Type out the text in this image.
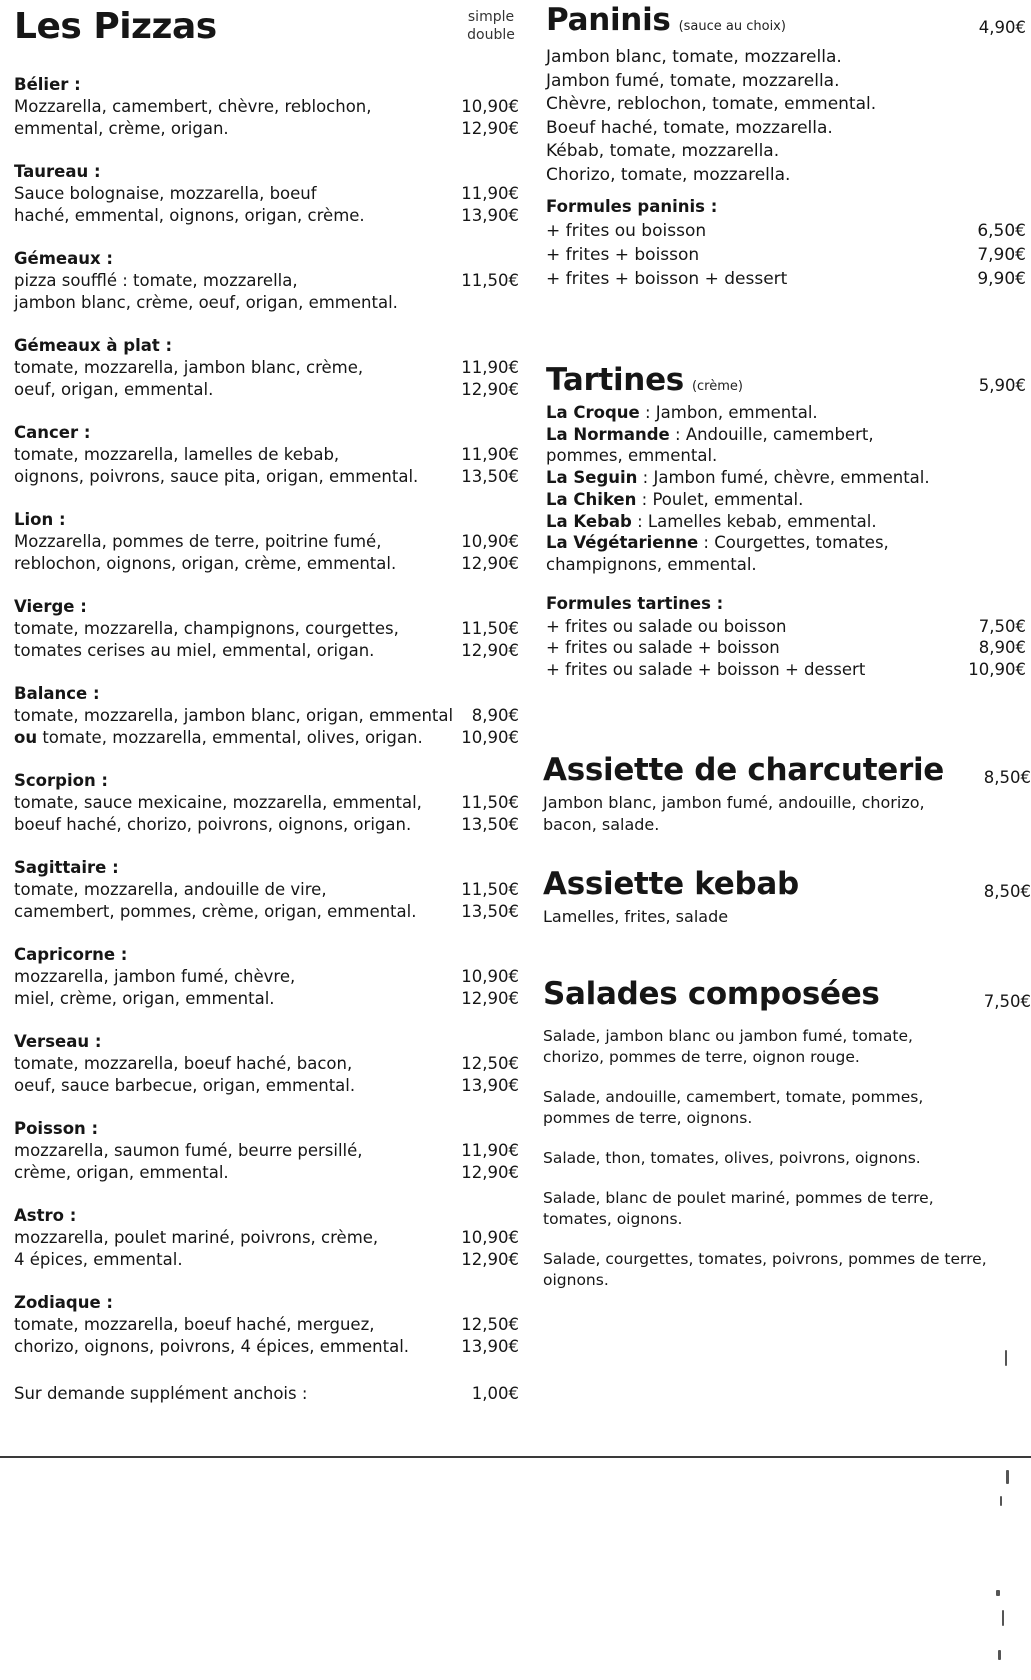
Les Pizzas	simple
double
Bélier :
Mozzarella, camembert, chèvre, reblochon,	10,90€
emmental, crème, origan.	12,90€
Taureau :
Sauce bolognaise, mozzarella, boeuf	11,90€
haché, emmental, oignons, origan, crème.	13,90€
Gémeaux :
pizza soufflé : tomate, mozzarella,	11,50€
jambon blanc, crème, oeuf, origan, emmental.
Gémeaux à plat :
tomate, mozzarella, jambon blanc, crème,	11,90€
oeuf, origan, emmental.	12,90€
Cancer :
tomate, mozzarella, lamelles de kebab,	11,90€
oignons, poivrons, sauce pita, origan, emmental.	13,50€
Lion :
Mozzarella, pommes de terre, poitrine fumé,	10,90€
reblochon, oignons, origan, crème, emmental.	12,90€
Vierge :
tomate, mozzarella, champignons, courgettes,	11,50€
tomates cerises au miel, emmental, origan.	12,90€
Balance :
tomate, mozzarella, jambon blanc, origan, emmental	8,90€
ou tomate, mozzarella, emmental, olives, origan.	10,90€
Scorpion :
tomate, sauce mexicaine, mozzarella, emmental,	11,50€
boeuf haché, chorizo, poivrons, oignons, origan.	13,50€
Sagittaire :
tomate, mozzarella, andouille de vire,	11,50€
camembert, pommes, crème, origan, emmental.	13,50€
Capricorne :
mozzarella, jambon fumé, chèvre,	10,90€
miel, crème, origan, emmental.	12,90€
Verseau :
tomate, mozzarella, boeuf haché, bacon,	12,50€
oeuf, sauce barbecue, origan, emmental.	13,90€
Poisson :
mozzarella, saumon fumé, beurre persillé,	11,90€
crème, origan, emmental.	12,90€
Astro :
mozzarella, poulet mariné, poivrons, crème,	10,90€
4 épices, emmental.	12,90€
Zodiaque :
tomate, mozzarella, boeuf haché, merguez,	12,50€
chorizo, oignons, poivrons, 4 épices, emmental.	13,90€
Sur demande supplément anchois :	1,00€
Paninis (sauce au choix)	4,90€
Jambon blanc, tomate, mozzarella.
Jambon fumé, tomate, mozzarella.
Chèvre, reblochon, tomate, emmental.
Boeuf haché, tomate, mozzarella.
Kébab, tomate, mozzarella.
Chorizo, tomate, mozzarella.
Formules paninis :
+ frites ou boisson	6,50€
+ frites + boisson	7,90€
+ frites + boisson + dessert	9,90€
Tartines (crème)	5,90€
La Croque : Jambon, emmental.
La Normande : Andouille, camembert,
pommes, emmental.
La Seguin : Jambon fumé, chèvre, emmental.
La Chiken : Poulet, emmental.
La Kebab : Lamelles kebab, emmental.
La Végétarienne : Courgettes, tomates,
champignons, emmental.
Formules tartines :
+ frites ou salade ou boisson	7,50€
+ frites ou salade + boisson	8,90€
+ frites ou salade + boisson + dessert	10,90€
Assiette de charcuterie	8,50€
Jambon blanc, jambon fumé, andouille, chorizo,
bacon, salade.
Assiette kebab	8,50€
Lamelles, frites, salade
Salades composées	7,50€
Salade, jambon blanc ou jambon fumé, tomate,
chorizo, pommes de terre, oignon rouge.
Salade, andouille, camembert, tomate, pommes,
pommes de terre, oignons.
Salade, thon, tomates, olives, poivrons, oignons.
Salade, blanc de poulet mariné, pommes de terre,
tomates, oignons.
Salade, courgettes, tomates, poivrons, pommes de terre,
oignons.
